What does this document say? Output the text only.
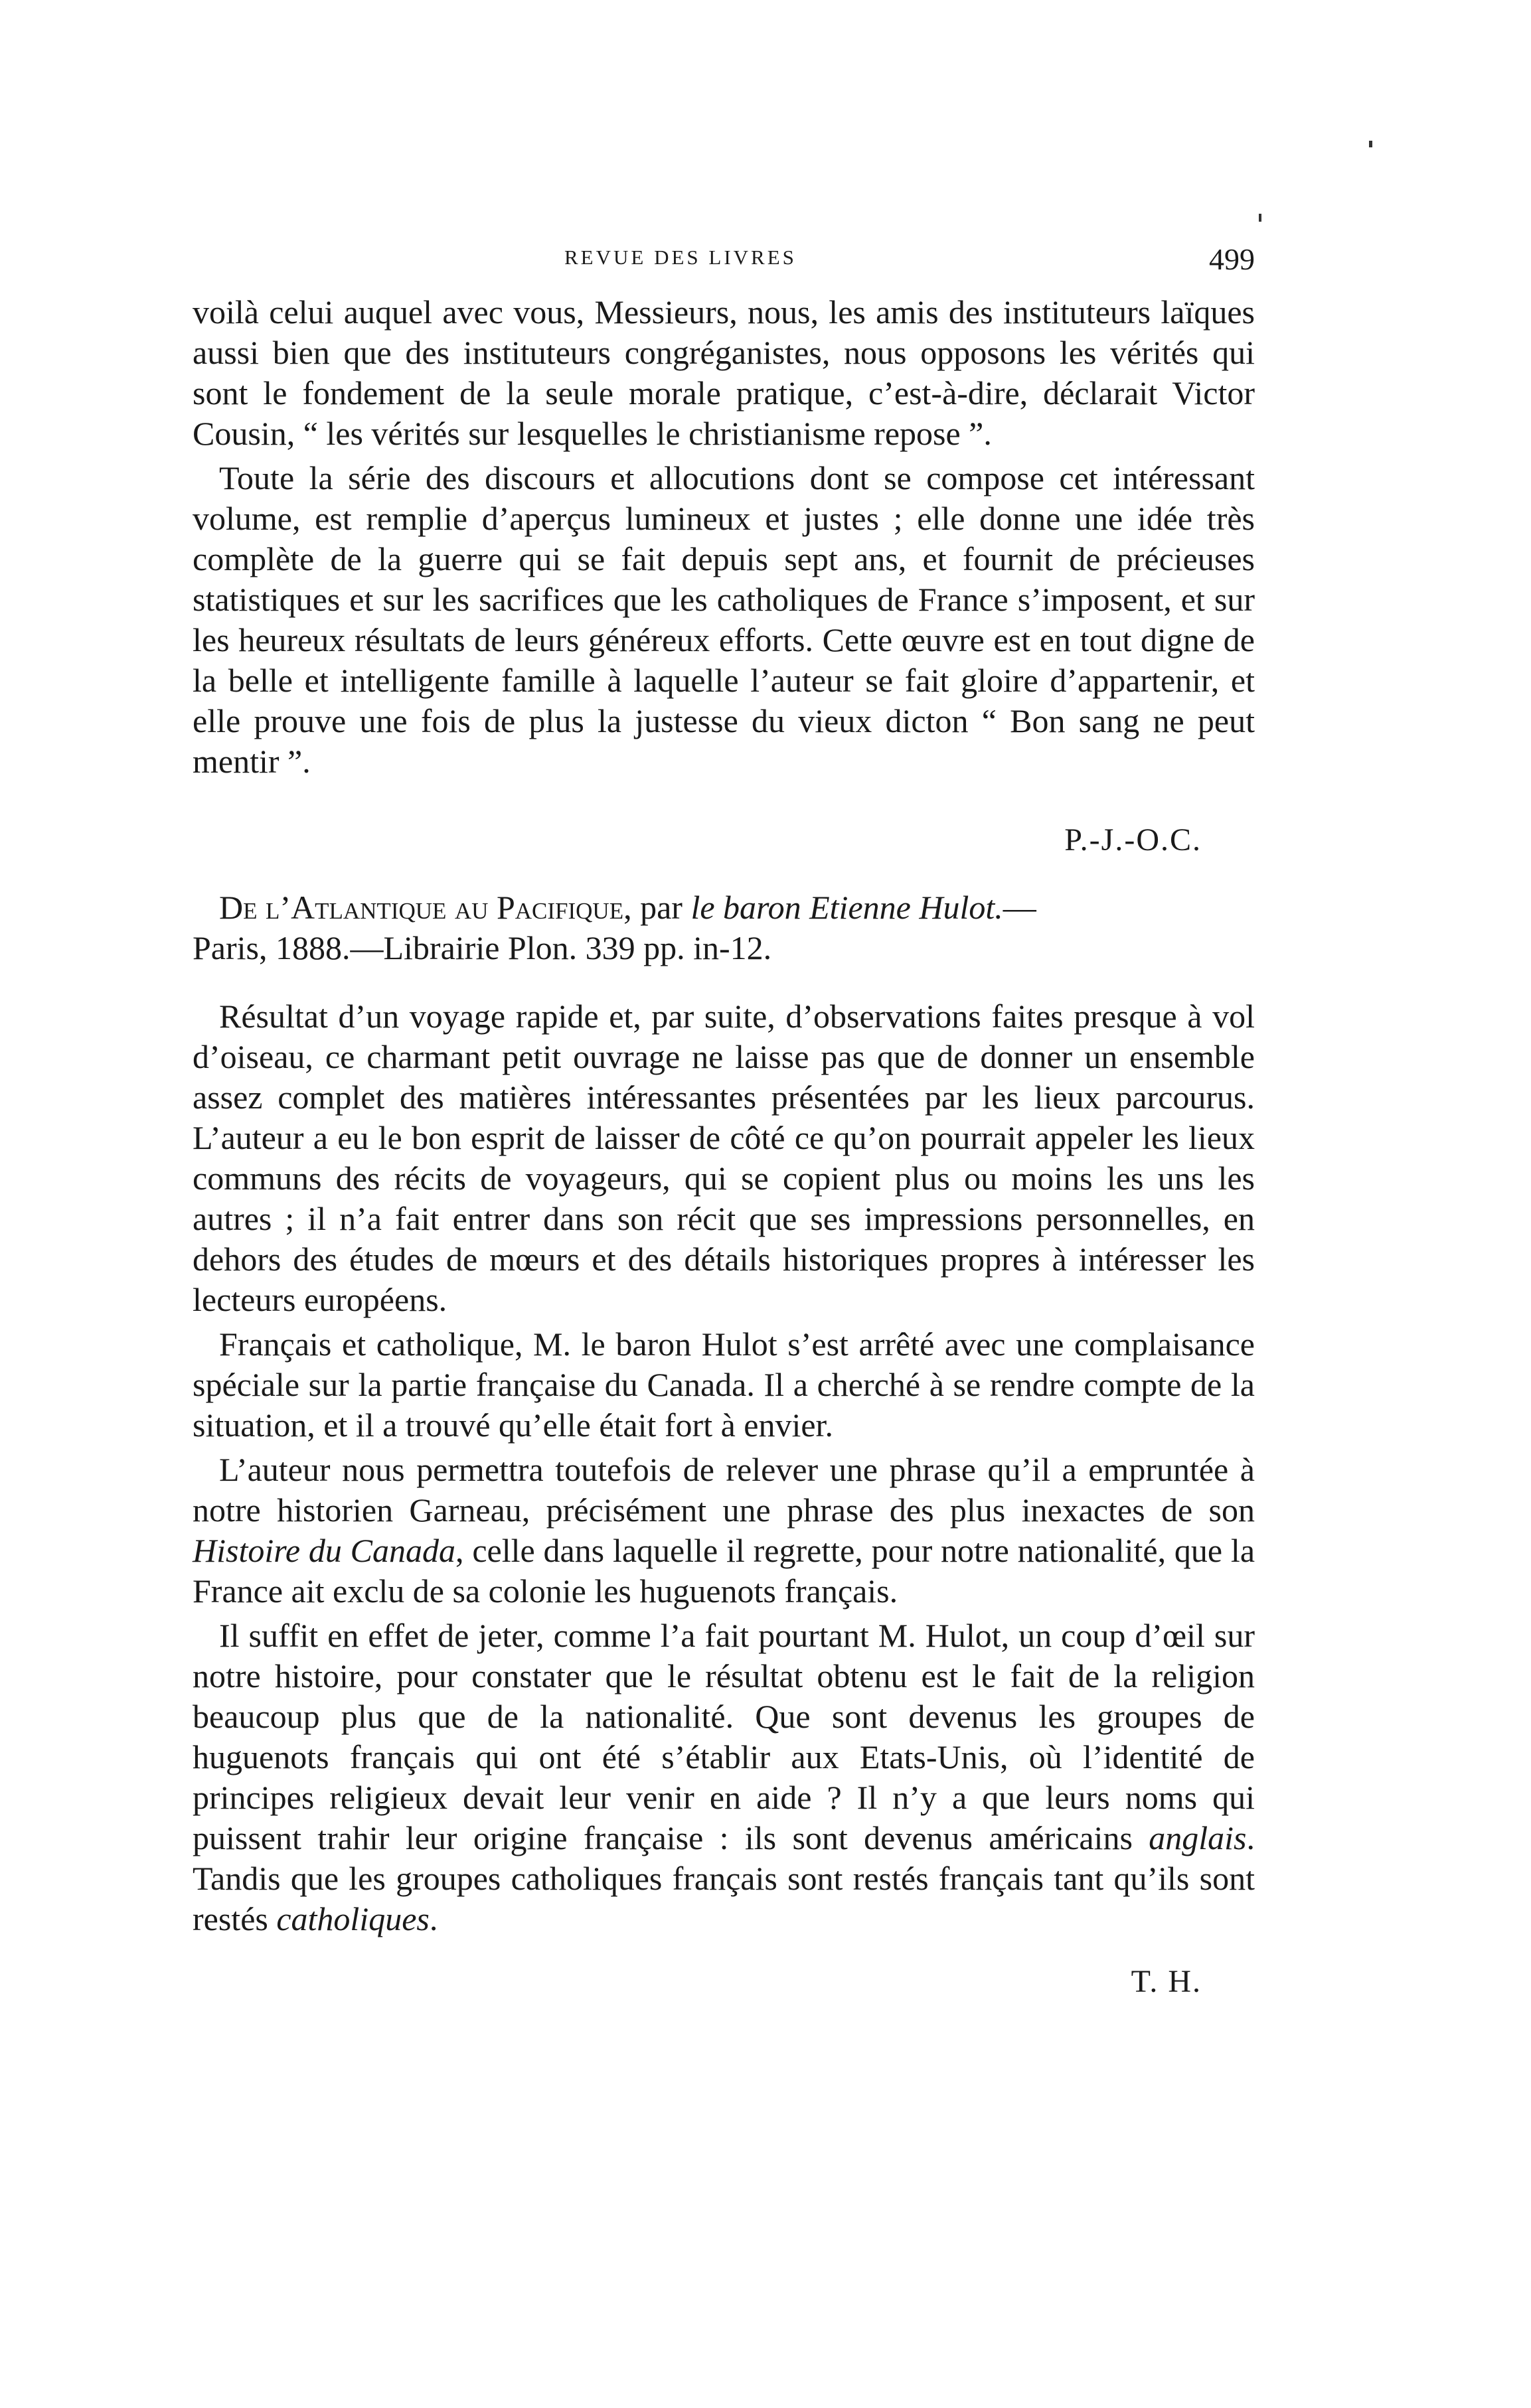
REVUE DES LIVRES	499

voilà celui auquel avec vous, Messieurs, nous, les amis des instituteurs laïques aussi bien que des instituteurs congréganistes, nous opposons les vérités qui sont le fondement de la seule morale pratique, c’est-à-dire, déclarait Victor Cousin, “ les vérités sur lesquelles le christianisme repose ”.

Toute la série des discours et allocutions dont se compose cet intéressant volume, est remplie d’aperçus lumineux et justes ; elle donne une idée très complète de la guerre qui se fait depuis sept ans, et fournit de précieuses statistiques et sur les sacrifices que les catholiques de France s’imposent, et sur les heureux résultats de leurs généreux efforts. Cette œuvre est en tout digne de la belle et intelligente famille à laquelle l’auteur se fait gloire d’appartenir, et elle prouve une fois de plus la justesse du vieux dicton “ Bon sang ne peut mentir ”.

P.-J.-O.C.

De l’Atlantique au Pacifique, par le baron Etienne Hulot.—
Paris, 1888.—Librairie Plon. 339 pp. in-12.

Résultat d’un voyage rapide et, par suite, d’observations faites presque à vol d’oiseau, ce charmant petit ouvrage ne laisse pas que de donner un ensemble assez complet des matières intéressantes présentées par les lieux parcourus. L’auteur a eu le bon esprit de laisser de côté ce qu’on pourrait appeler les lieux communs des récits de voyageurs, qui se copient plus ou moins les uns les autres ; il n’a fait entrer dans son récit que ses impressions personnelles, en dehors des études de mœurs et des détails historiques propres à intéresser les lecteurs européens.

Français et catholique, M. le baron Hulot s’est arrêté avec une complaisance spéciale sur la partie française du Canada. Il a cherché à se rendre compte de la situation, et il a trouvé qu’elle était fort à envier.

L’auteur nous permettra toutefois de relever une phrase qu’il a empruntée à notre historien Garneau, précisément une phrase des plus inexactes de son Histoire du Canada, celle dans laquelle il regrette, pour notre nationalité, que la France ait exclu de sa colonie les huguenots français.

Il suffit en effet de jeter, comme l’a fait pourtant M. Hulot, un coup d’œil sur notre histoire, pour constater que le résultat obtenu est le fait de la religion beaucoup plus que de la nationalité. Que sont devenus les groupes de huguenots français qui ont été s’établir aux Etats-Unis, où l’identité de principes religieux devait leur venir en aide ? Il n’y a que leurs noms qui puissent trahir leur origine française : ils sont devenus américains anglais. Tandis que les groupes catholiques français sont restés français tant qu’ils sont restés catholiques.

T. H.
